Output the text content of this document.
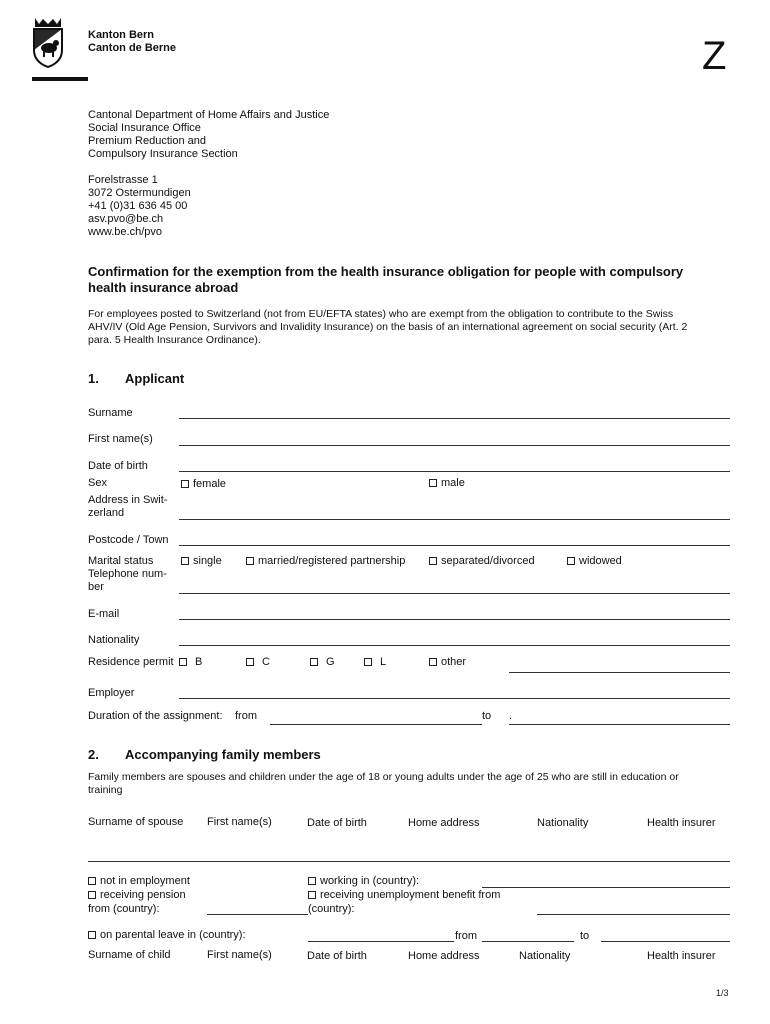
Kanton Bern
Canton de Berne	Z
Cantonal Department of Home Affairs and Justice
Social Insurance Office
Premium Reduction and
Compulsory Insurance Section
Forelstrasse 1
3072 Ostermundigen
+41 (0)31 636 45 00
asv.pvo@be.ch
www.be.ch/pvo
Confirmation for the exemption from the health insurance obligation for people with compulsory
health insurance abroad
For employees posted to Switzerland (not from EU/EFTA states) who are exempt from the obligation to contribute to the Swiss
AHV/IV (Old Age Pension, Survivors and Invalidity Insurance) on the basis of an international agreement on social security (Art. 2
para. 5 Health Insurance Ordinance).
1. Applicant
Surname
First name(s)
Date of birth
Sex	female	male
Address in Swit-
zerland
Postcode / Town
Marital status	single	married/registered partnership	separated/divorced	widowed
Telephone num-
ber
E-mail
Nationality
Residence permit	B	C	G	L	other
Employer
Duration of the assignment: from	to .
2. Accompanying family members
Family members are spouses and children under the age of 18 or young adults under the age of 25 who are still in education or
training
Surname of spouse First name(s)	Date of birth	Home address	Nationality	Health insurer
not in employment
receiving pension
from (country):
working in (country):
receiving unemployment benefit from
(country):
on parental leave in (country):	from	to
Surname of child	First name(s)	Date of birth	Home address	Nationality	Health insurer
1/3
